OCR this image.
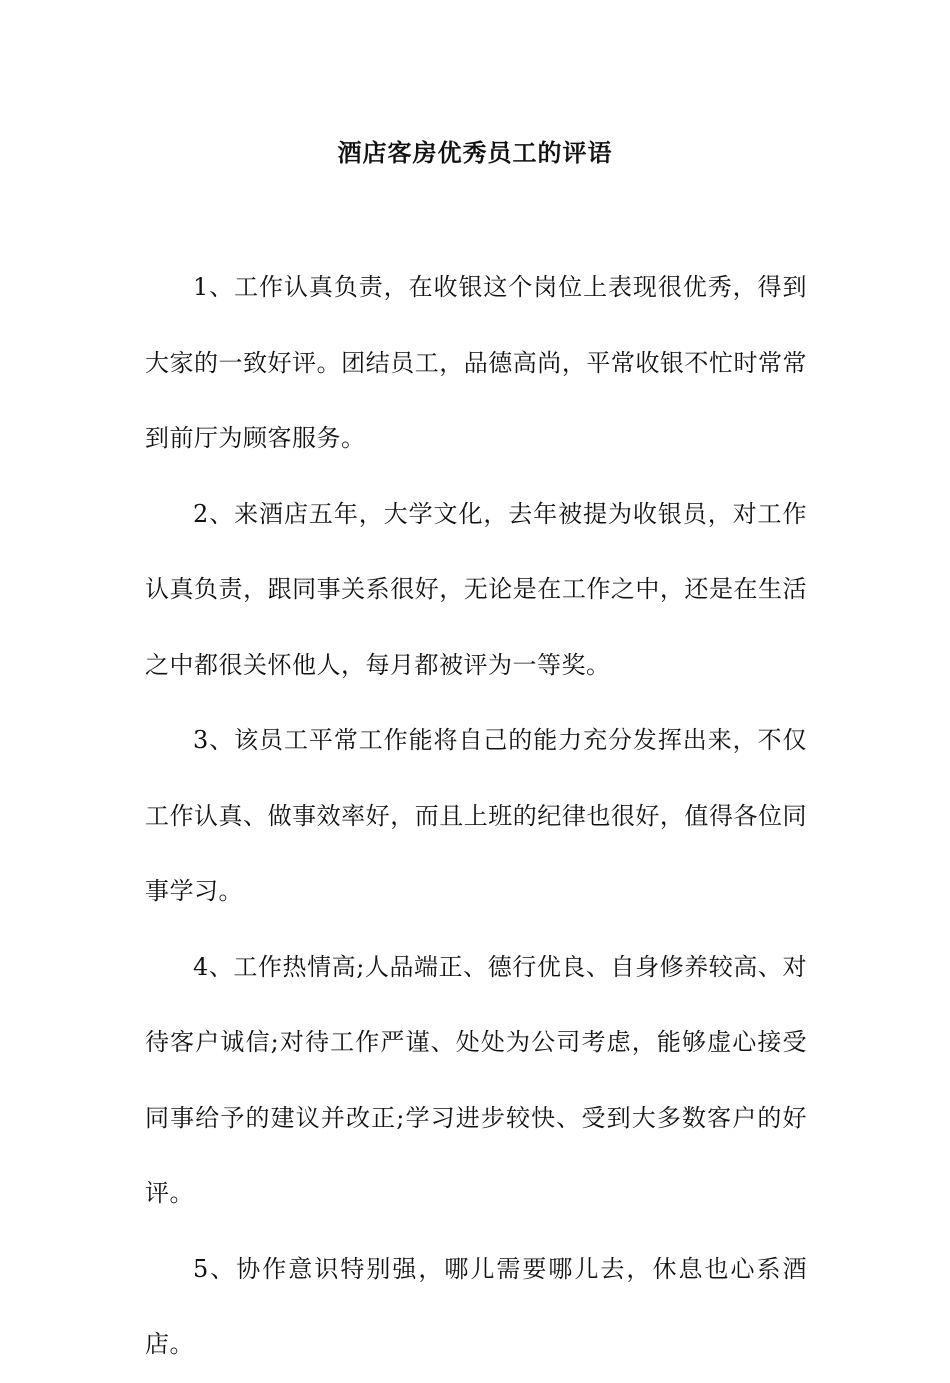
酒店客房优秀员工的评语

1、工作认真负责，在收银这个岗位上表现很优秀，得到大家的一致好评。团结员工，品德高尚，平常收银不忙时常常到前厅为顾客服务。

2、来酒店五年，大学文化，去年被提为收银员，对工作认真负责，跟同事关系很好，无论是在工作之中，还是在生活之中都很关怀他人，每月都被评为一等奖。

3、该员工平常工作能将自己的能力充分发挥出来，不仅工作认真、做事效率好，而且上班的纪律也很好，值得各位同事学习。

4、工作热情高;人品端正、德行优良、自身修养较高、对待客户诚信;对待工作严谨、处处为公司考虑，能够虚心接受同事给予的建议并改正;学习进步较快、受到大多数客户的好评。

5、协作意识特别强，哪儿需要哪儿去，休息也心系酒店。
